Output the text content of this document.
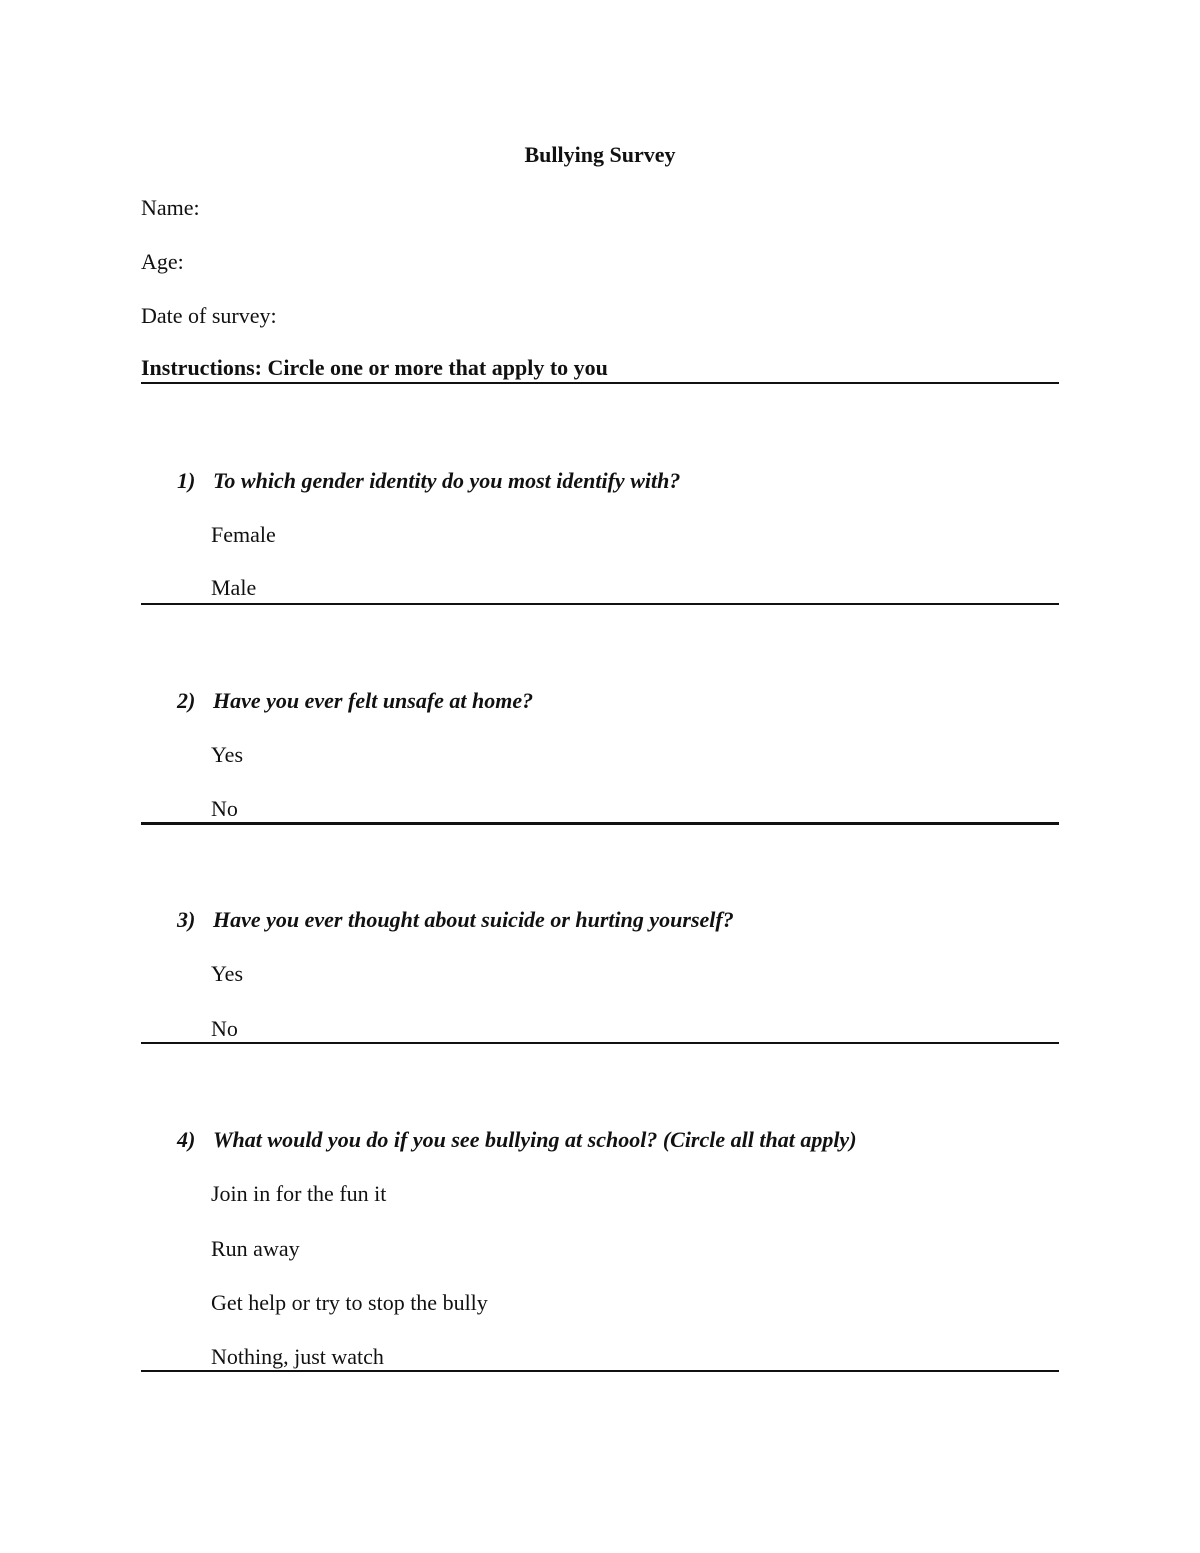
Bullying Survey
Name:
Age:
Date of survey:
Instructions: Circle one or more that apply to you
1) To which gender identity do you most identify with?
Female
Male
2) Have you ever felt unsafe at home?
Yes
No
3) Have you ever thought about suicide or hurting yourself?
Yes
No
4) What would you do if you see bullying at school? (Circle all that apply)
Join in for the fun it
Run away
Get help or try to stop the bully
Nothing, just watch
